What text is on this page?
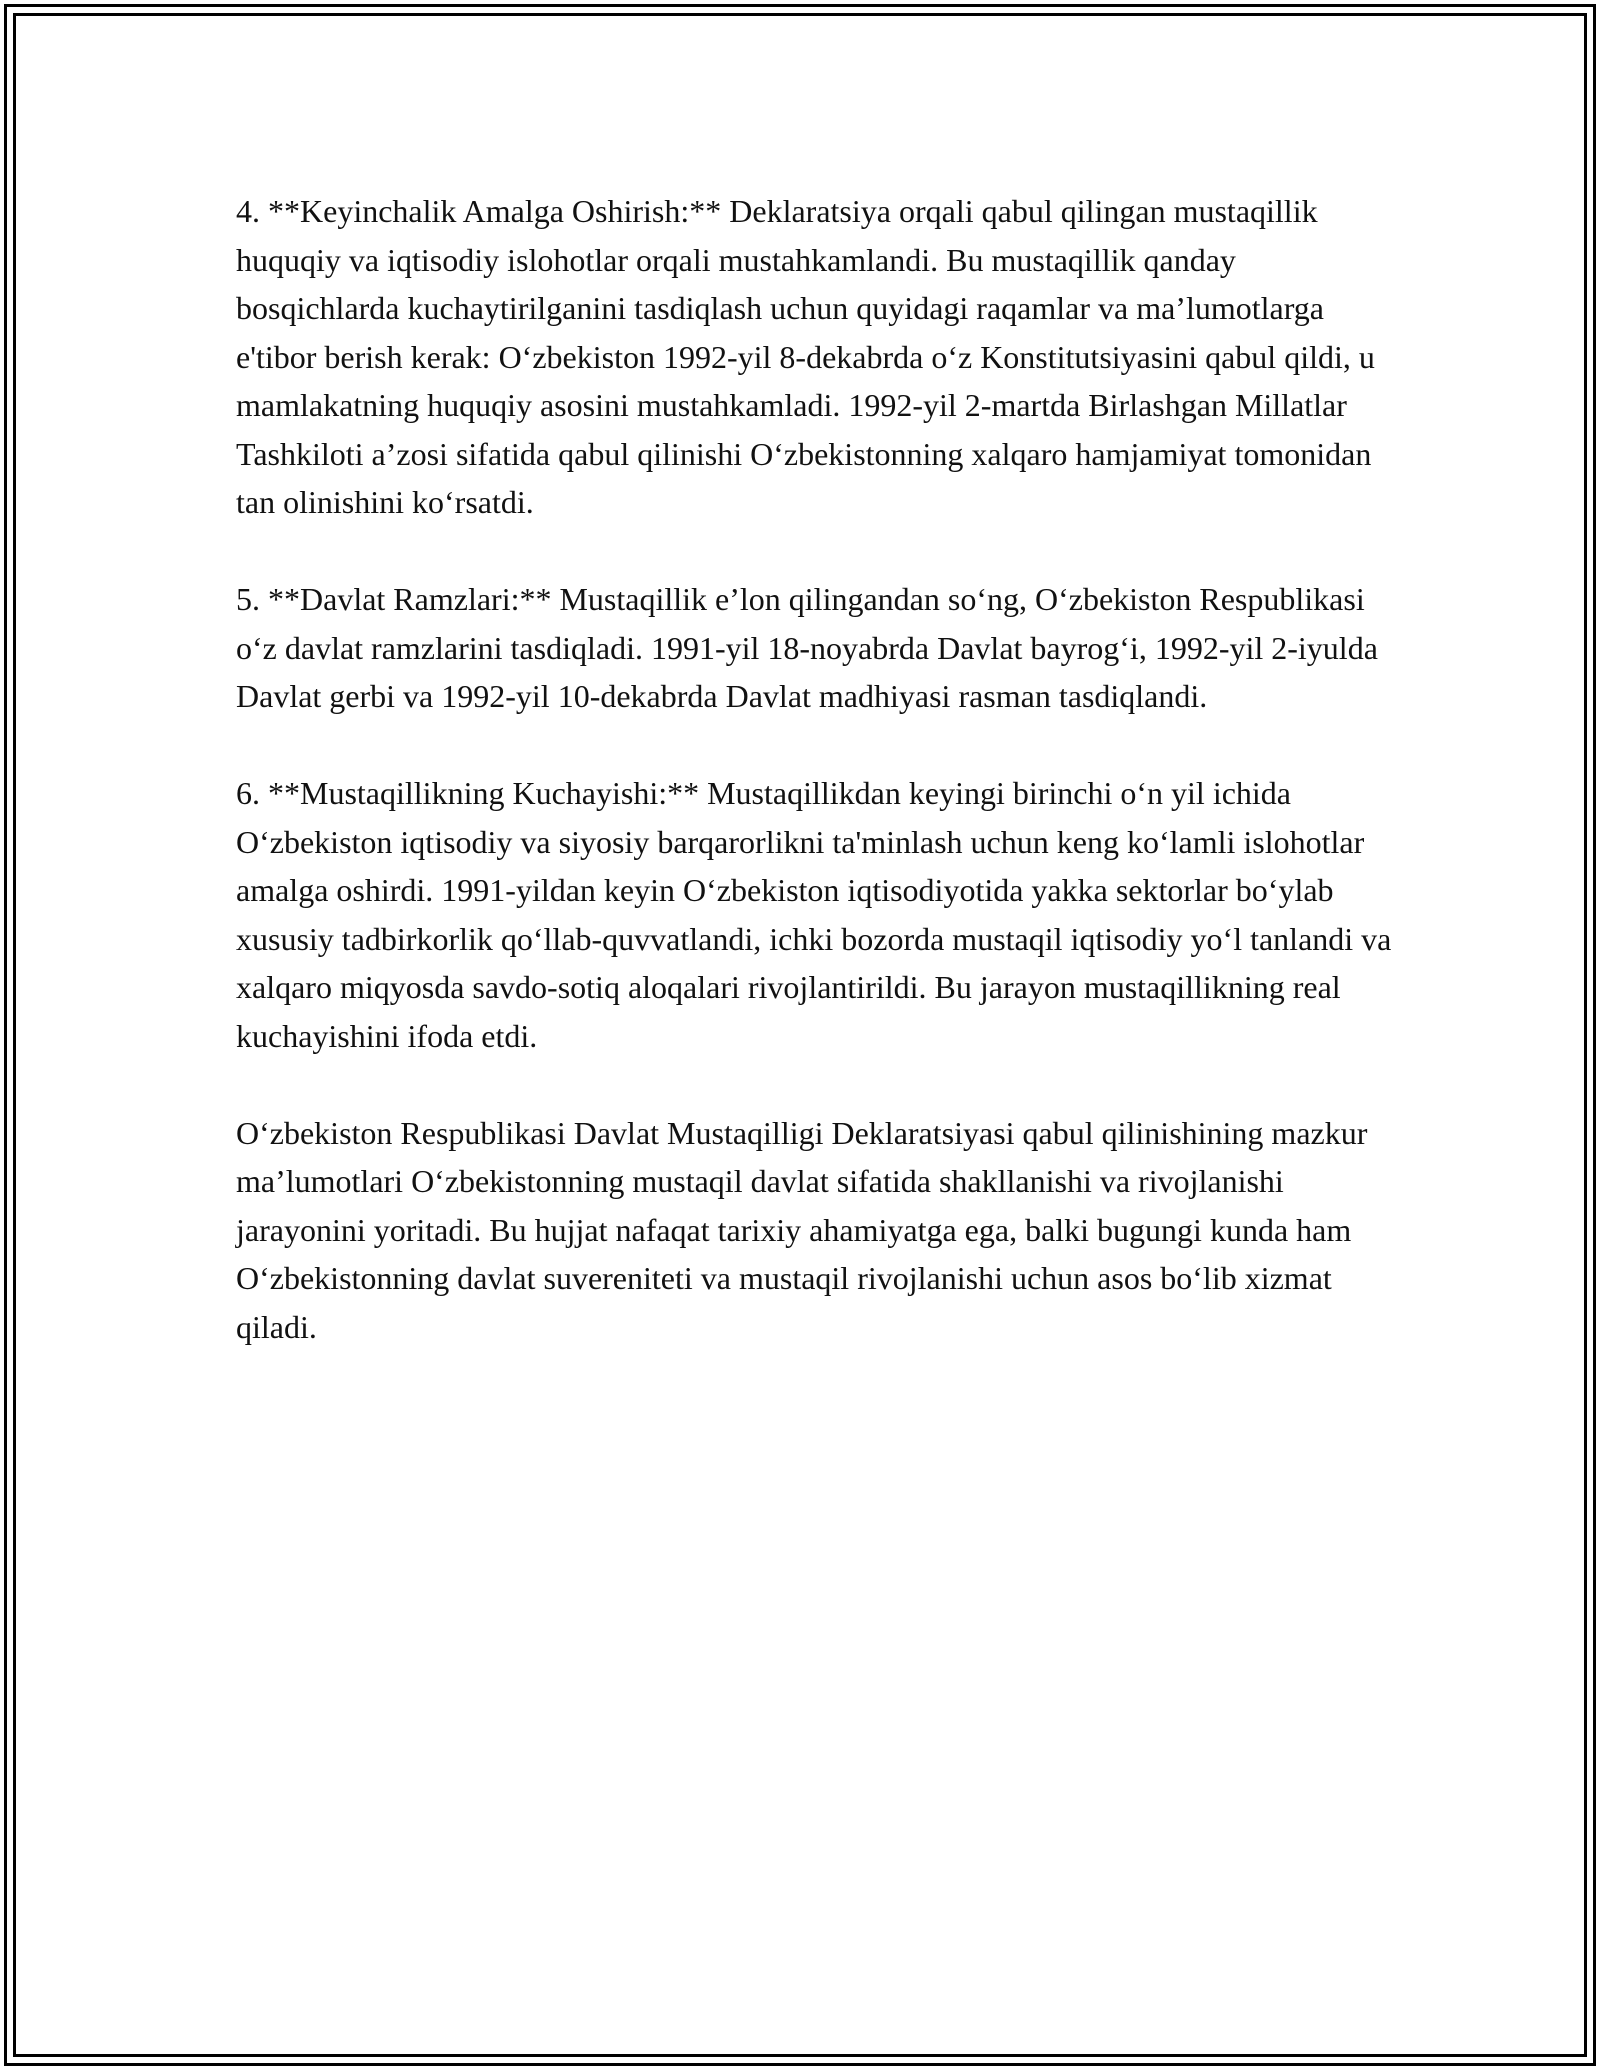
4. **Keyinchalik Amalga Oshirish:** Deklaratsiya orqali qabul qilingan mustaqillik huquqiy va iqtisodiy islohotlar orqali mustahkamlandi. Bu mustaqillik qanday bosqichlarda kuchaytirilganini tasdiqlash uchun quyidagi raqamlar va ma’lumotlarga e'tibor berish kerak: O‘zbekiston 1992-yil 8-dekabrda o‘z Konstitutsiyasini qabul qildi, u mamlakatning huquqiy asosini mustahkamladi. 1992-yil 2-martda Birlashgan Millatlar Tashkiloti a’zosi sifatida qabul qilinishi O‘zbekistonning xalqaro hamjamiyat tomonidan tan olinishini ko‘rsatdi.

5. **Davlat Ramzlari:** Mustaqillik e’lon qilingandan so‘ng, O‘zbekiston Respublikasi o‘z davlat ramzlarini tasdiqladi. 1991-yil 18-noyabrda Davlat bayrog‘i, 1992-yil 2-iyulda Davlat gerbi va 1992-yil 10-dekabrda Davlat madhiyasi rasman tasdiqlandi.

6. **Mustaqillikning Kuchayishi:** Mustaqillikdan keyingi birinchi o‘n yil ichida O‘zbekiston iqtisodiy va siyosiy barqarorlikni ta'minlash uchun keng ko‘lamli islohotlar amalga oshirdi. 1991-yildan keyin O‘zbekiston iqtisodiyotida yakka sektorlar bo‘ylab xususiy tadbirkorlik qo‘llab-quvvatlandi, ichki bozorda mustaqil iqtisodiy yo‘l tanlandi va xalqaro miqyosda savdo-sotiq aloqalari rivojlantirildi. Bu jarayon mustaqillikning real kuchayishini ifoda etdi.

O‘zbekiston Respublikasi Davlat Mustaqilligi Deklaratsiyasi qabul qilinishining mazkur ma’lumotlari O‘zbekistonning mustaqil davlat sifatida shakllanishi va rivojlanishi jarayonini yoritadi. Bu hujjat nafaqat tarixiy ahamiyatga ega, balki bugungi kunda ham O‘zbekistonning davlat suvereniteti va mustaqil rivojlanishi uchun asos bo‘lib xizmat qiladi.
